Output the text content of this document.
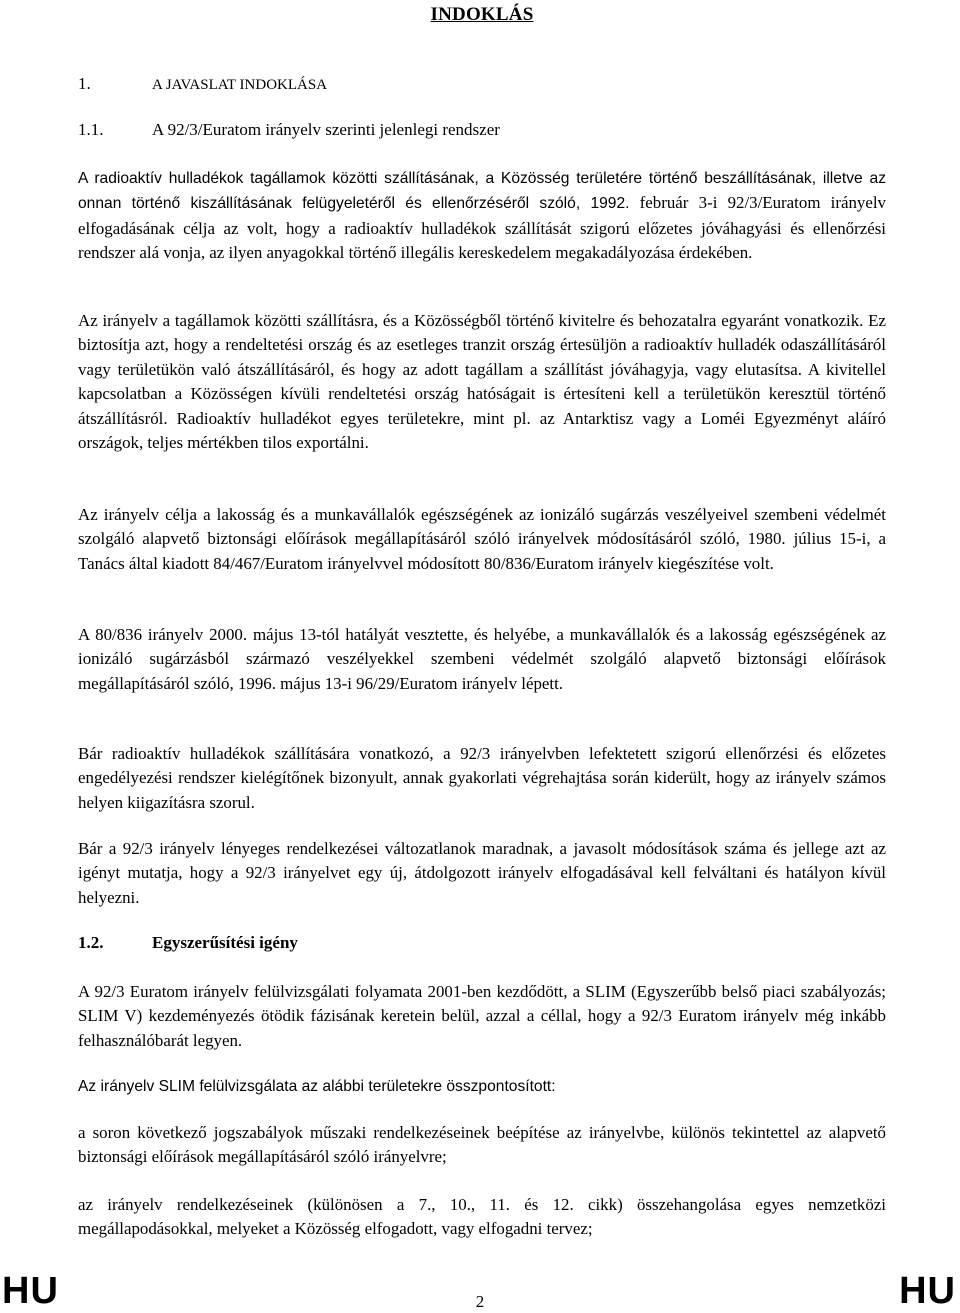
INDOKLÁS
1.	A JAVASLAT INDOKLÁSA
1.1.	A 92/3/Euratom irányelv szerinti jelenlegi rendszer

A radioaktív hulladékok tagállamok közötti szállításának, a Közösség területére történő beszállításának, illetve az onnan történő kiszállításának felügyeletéről és ellenőrzéséről szóló, 1992. február 3-i 92/3/Euratom irányelv elfogadásának célja az volt, hogy a radioaktív hulladékok szállítását szigorú előzetes jóváhagyási és ellenőrzési rendszer alá vonja, az ilyen anyagokkal történő illegális kereskedelem megakadályozása érdekében.

Az irányelv a tagállamok közötti szállításra, és a Közösségből történő kivitelre és behozatalra egyaránt vonatkozik. Ez biztosítja azt, hogy a rendeltetési ország és az esetleges tranzit ország értesüljön a radioaktív hulladék odaszállításáról vagy területükön való átszállításáról, és hogy az adott tagállam a szállítást jóváhagyja, vagy elutasítsa. A kivitellel kapcsolatban a Közösségen kívüli rendeltetési ország hatóságait is értesíteni kell a területükön keresztül történő átszállításról. Radioaktív hulladékot egyes területekre, mint pl. az Antarktisz vagy a Loméi Egyezményt aláíró országok, teljes mértékben tilos exportálni.

Az irányelv célja a lakosság és a munkavállalók egészségének az ionizáló sugárzás veszélyeivel szembeni védelmét szolgáló alapvető biztonsági előírások megállapításáról szóló irányelvek módosításáról szóló, 1980. július 15-i, a Tanács által kiadott 84/467/Euratom irányelvvel módosított 80/836/Euratom irányelv kiegészítése volt.

A 80/836 irányelv 2000. május 13-tól hatályát vesztette, és helyébe, a munkavállalók és a lakosság egészségének az ionizáló sugárzásból származó veszélyekkel szembeni védelmét szolgáló alapvető biztonsági előírások megállapításáról szóló, 1996. május 13-i 96/29/Euratom irányelv lépett.

Bár radioaktív hulladékok szállítására vonatkozó, a 92/3 irányelvben lefektetett szigorú ellenőrzési és előzetes engedélyezési rendszer kielégítőnek bizonyult, annak gyakorlati végrehajtása során kiderült, hogy az irányelv számos helyen kiigazításra szorul.

Bár a 92/3 irányelv lényeges rendelkezései változatlanok maradnak, a javasolt módosítások száma és jellege azt az igényt mutatja, hogy a 92/3 irányelvet egy új, átdolgozott irányelv elfogadásával kell felváltani és hatályon kívül helyezni.

1.2.	Egyszerűsítési igény

A 92/3 Euratom irányelv felülvizsgálati folyamata 2001-ben kezdődött, a SLIM (Egyszerűbb belső piaci szabályozás; SLIM V) kezdeményezés ötödik fázisának keretein belül, azzal a céllal, hogy a 92/3 Euratom irányelv még inkább felhasználóbarát legyen.

Az irányelv SLIM felülvizsgálata az alábbi területekre összpontosított:

a soron következő jogszabályok műszaki rendelkezéseinek beépítése az irányelvbe, különös tekintettel az alapvető biztonsági előírások megállapításáról szóló irányelvre;

az irányelv rendelkezéseinek (különösen a 7., 10., 11. és 12. cikk) összehangolása egyes nemzetközi megállapodásokkal, melyeket a Közösség elfogadott, vagy elfogadni tervez;

HU	2	HU
